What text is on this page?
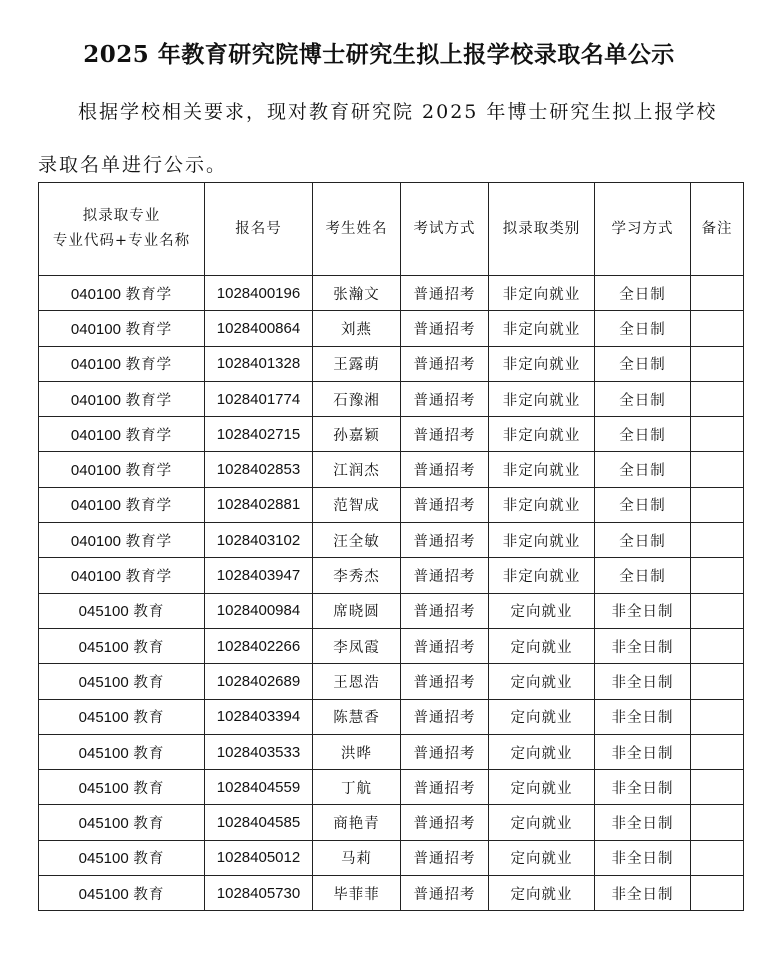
2025 年教育研究院博士研究生拟上报学校录取名单公示
根据学校相关要求，现对教育研究院 2025 年博士研究生拟上报学校录取名单进行公示。
拟录取专业
专业代码+专业名称	报名号	考生姓名	考试方式	拟录取类别	学习方式	备注
040100 教育学	1028400196	张瀚文	普通招考	非定向就业	全日制	
040100 教育学	1028400864	刘燕	普通招考	非定向就业	全日制	
040100 教育学	1028401328	王露萌	普通招考	非定向就业	全日制	
040100 教育学	1028401774	石豫湘	普通招考	非定向就业	全日制	
040100 教育学	1028402715	孙嘉颖	普通招考	非定向就业	全日制	
040100 教育学	1028402853	江润杰	普通招考	非定向就业	全日制	
040100 教育学	1028402881	范智成	普通招考	非定向就业	全日制	
040100 教育学	1028403102	汪全敏	普通招考	非定向就业	全日制	
040100 教育学	1028403947	李秀杰	普通招考	非定向就业	全日制	
045100 教育	1028400984	席晓圆	普通招考	定向就业	非全日制	
045100 教育	1028402266	李凤霞	普通招考	定向就业	非全日制	
045100 教育	1028402689	王恩浩	普通招考	定向就业	非全日制	
045100 教育	1028403394	陈慧香	普通招考	定向就业	非全日制	
045100 教育	1028403533	洪晔	普通招考	定向就业	非全日制	
045100 教育	1028404559	丁航	普通招考	定向就业	非全日制	
045100 教育	1028404585	商艳青	普通招考	定向就业	非全日制	
045100 教育	1028405012	马莉	普通招考	定向就业	非全日制	
045100 教育	1028405730	毕菲菲	普通招考	定向就业	非全日制	
